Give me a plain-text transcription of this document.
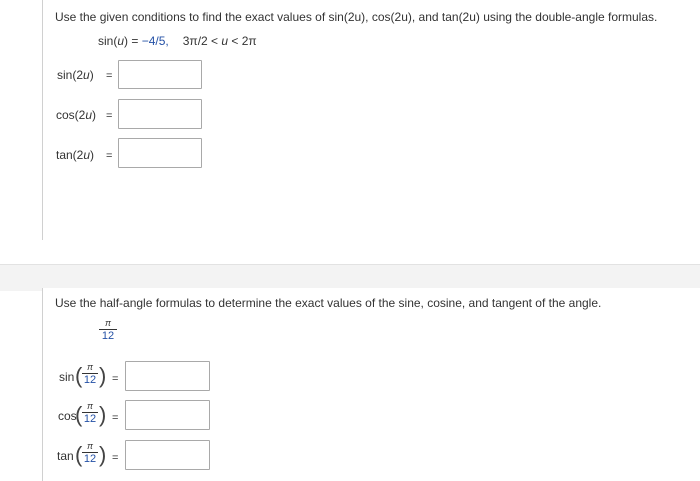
Use the given conditions to find the exact values of sin(2u), cos(2u), and tan(2u) using the double-angle formulas.
sin(u) = −4/5, 3π/2 < u < 2π
sin(2u) =
cos(2u) =
tan(2u) =
Use the half-angle formulas to determine the exact values of the sine, cosine, and tangent of the angle.
π
12
sin ( π
12 ) =
cos
( π
12 ) =
tan ( π
12 ) =
